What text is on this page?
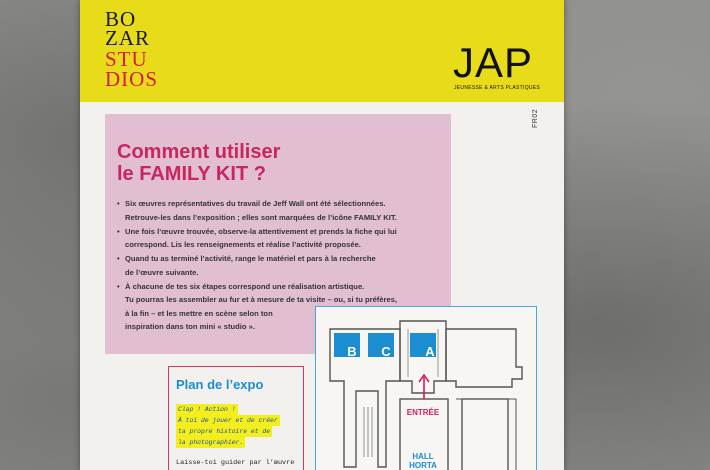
BO
ZAR
STU
DIOS	JAP
JEUNESSE & ARTS PLASTIQUES
FR02
Comment utiliser
le FAMILY KIT ?
• Six œuvres représentatives du travail de Jeff Wall ont été sélectionnées.
Retrouve-les dans l’exposition ; elles sont marquées de l’icône FAMILY KIT.
• Une fois l’œuvre trouvée, observe-la attentivement et prends la fiche qui lui
correspond. Lis les renseignements et réalise l’activité proposée.
• Quand tu as terminé l’activité, range le matériel et pars à la recherche
de l’œuvre suivante.
• À chacune de tes six étapes correspond une réalisation artistique.
Tu pourras les assembler au fur et à mesure de ta visite – ou, si tu préfères,
à la fin – et les mettre en scène selon ton
inspiration dans ton mini « studio ».
Plan de l’expo
Clap ! Action !
À toi de jouer et de créer
ta propre histoire et de
la photographier.
Laisse-toi guider par l’œuvre
B C	A
ENTRÉE
HALL
HORTA
